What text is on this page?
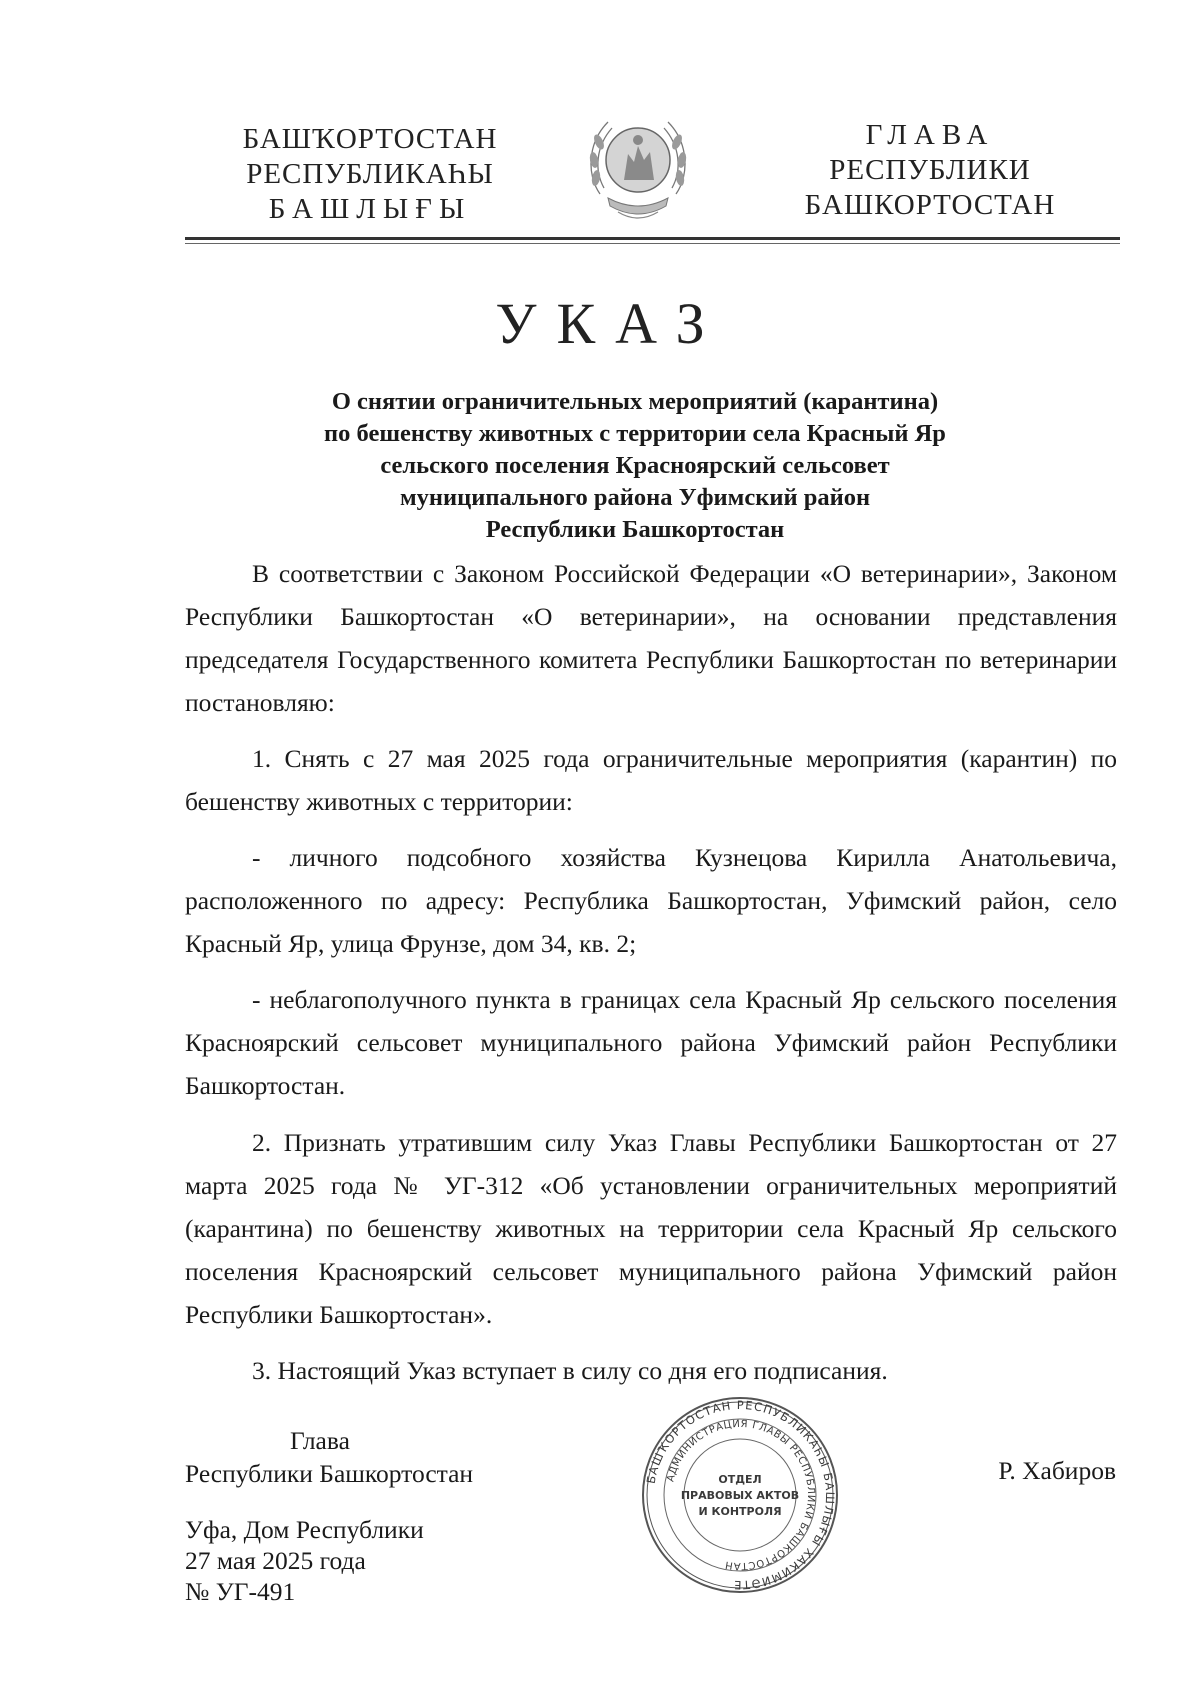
БАШҠОРТОСТАН
РЕСПУБЛИКАҺЫ
БАШЛЫҒЫ
ГЛАВА
РЕСПУБЛИКИ
БАШКОРТОСТАН
УКАЗ
О снятии ограничительных мероприятий (карантина)
по бешенству животных с территории села Красный Яр
сельского поселения Красноярский сельсовет
муниципального района Уфимский район
Республики Башкортостан

В соответствии с Законом Российской Федерации «О ветеринарии», Законом Республики Башкортостан «О ветеринарии», на основании представления председателя Государственного комитета Республики Башкортостан по ветеринарии постановляю:

1. Снять с 27 мая 2025 года ограничительные мероприятия (карантин) по бешенству животных с территории:

- личного подсобного хозяйства Кузнецова Кирилла Анатольевича, расположенного по адресу: Республика Башкортостан, Уфимский район, село Красный Яр, улица Фрунзе, дом 34, кв. 2;

- неблагополучного пункта в границах села Красный Яр сельского поселения Красноярский сельсовет муниципального района Уфимский район Республики Башкортостан.

2. Признать утратившим силу Указ Главы Республики Башкортостан от 27 марта 2025 года № УГ-312 «Об установлении ограничительных мероприятий (карантина) по бешенству животных на территории села Красный Яр сельского поселения Красноярский сельсовет муниципального района Уфимский район Республики Башкортостан».

3. Настоящий Указ вступает в силу со дня его подписания.

Глава
Республики Башкортостан	БАШҠОРТОСТАН РЕСПУБЛИКАҺЫ БАШЛЫҒЫ ХАКИМИӘТЕ
АДМИНИСТРАЦИЯ ГЛАВЫ РЕСПУБЛИКИ БАШКОРТОСТАН
ОТДЕЛ
ПРАВОВЫХ АКТОВ
И КОНТРОЛЯ
Р. Хабиров
Уфа, Дом Республики
27 мая 2025 года
№ УГ-491
